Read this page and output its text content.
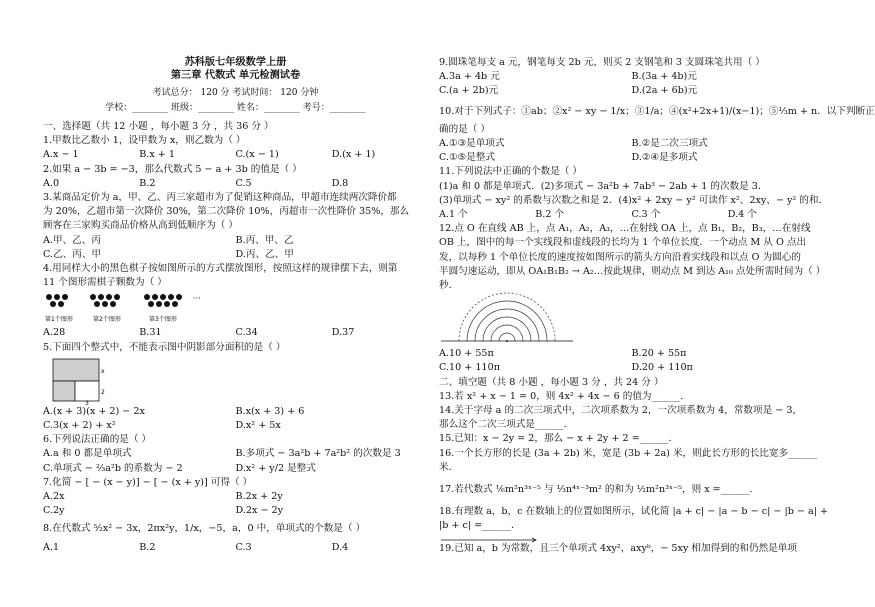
苏科版七年级数学上册
第三章 代数式 单元检测试卷
考试总分： 120 分 考试时间： 120 分钟
学校：________ 班级：________ 姓名：________ 考号：________
一、选择题（共 12 小题 ，每小题 3 分 ，共 36 分 ）
1.甲数比乙数小 1，设甲数为 x，则乙数为（ ）
A.x − 1	B.x + 1	C.(x − 1)	D.(x + 1)
2.如果 a − 3b = −3，那么代数式 5 − a + 3b 的值是（ ）
A.0	B.2	C.5	D.8
3.某商品定价为 a，甲、乙、丙三家超市为了促销这种商品，甲超市连续两次降价都
为 20%，乙超市第一次降价 30%，第二次降价 10%，丙超市一次性降价 35%，那么
顾客在三家购买商品价格从高到低顺序为（ ）
A.甲、乙、丙	B.丙、甲、乙
C.乙、丙、甲	D.丙、乙、甲
4.用同样大小的黑色棋子按如图所示的方式摆放图形，按照这样的规律摆下去，则第
11 个图形需棋子颗数为（ ）
···
第1个图形	第2个图形	第3个图形
A.28	B.31	C.34	D.37
5.下面四个整式中，不能表示图中阴影部分面积的是（ ）
x
3
2
A.(x + 3)(x + 2) − 2x	B.x(x + 3) + 6
C.3(x + 2) + x²	D.x² + 5x
6.下列说法正确的是（ ）
A.a 和 0 都是单项式	B.多项式 − 3a²b + 7a²b² 的次数是 3
C.单项式 − ⅔a²b 的系数为 − 2	D.x² + y/2 是整式
7.化简 − [ − (x − y)] − [ − (x + y)] 可得（ ）
A.2x	B.2x + 2y
C.2y	D.2x − 2y
8.在代数式 ⁵⁄₂x² − 3x，2πx²y，1/x，−5，a，0 中，单项式的个数是（ ）
A.1	B.2	C.3	D.4
9.圆珠笔每支 a 元，钢笔每支 2b 元，则买 2 支钢笔和 3 支圆珠笔共用（ ）
A.3a + 4b 元	B.(3a + 4b)元
C.(a + 2b)元	D.(2a + 6b)元
10.对于下列式子：①ab；②x² − xy − 1/x；③1/a；④(x²+2x+1)/(x−1)；⑤⅓m + n．以下判断正
确的是（ ）
A.①③是单项式	B.②是二次三项式
C.①⑤是整式	D.②④是多项式
11.下列说法中正确的个数是（ ）
(1)a 和 0 都是单项式．(2)多项式 − 3a²b + 7ab³ − 2ab + 1 的次数是 3．
(3)单项式 − xy² 的系数与次数之和是 2．(4)x² + 2xy − y² 可读作 x²、2xy、− y² 的和．
A.1 个	B.2 个	C.3 个	D.4 个
12.点 O 在直线 AB 上，点 A₁，A₂，A₃，…在射线 OA 上，点 B₁，B₂，B₃，…在射线
OB 上，图中的每一个实线段和虚线段的长均为 1 个单位长度．一个动点 M 从 O 点出
发，以每秒 1 个单位长度的速度按如图所示的箭头方向沿着实线段和以点 O 为圆心的
半圆匀速运动，即从 OA₁B₁B₂ → A₂…按此规律，则动点 M 到达 A₁₀ 点处所需时间为（ ）
秒．
A.10 + 55π	B.20 + 55π
C.10 + 110π	D.20 + 110π
二、填空题（共 8 小题 ，每小题 3 分 ，共 24 分 ）
13.若 x² + x − 1 = 0，则 4x² + 4x − 6 的值为______．
14.关于字母 a 的二次三项式中，二次项系数为 2，一次项系数为 4，常数项是 − 3，
那么这个二次三项式是______．
15.已知：x − 2y = 2，那么 − x + 2y + 2 =______．
16.一个长方形的长是 (3a + 2b) 米，宽是 (3b + 2a) 米，则此长方形的长比宽多______
米．
17.若代数式 ⅙m²n³ˣ⁻⁵ 与 ⅓n⁴ˣ⁻³m² 的和为 ½m²n³ˣ⁻⁵，则 x =______．
18.有理数 a，b，c 在数轴上的位置如图所示，试化简 |a + c| − |a − b − c| − |b − a| +
|b + c| =______．
19.已知 a，b 为常数，且三个单项式 4xy²，axyᵇ，− 5xy 相加得到的和仍然是单项
